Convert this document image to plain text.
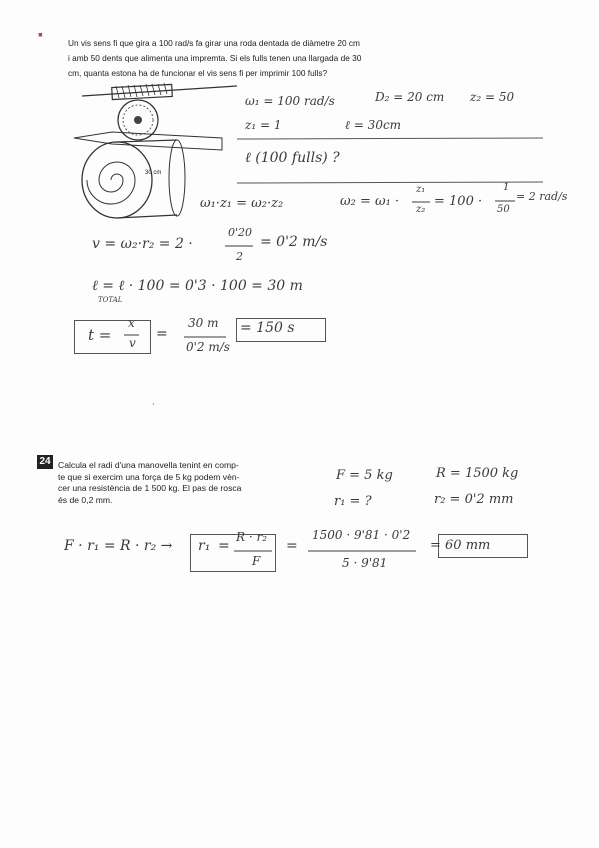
▪
Un vis sens fi que gira a 100 rad/s fa girar una roda dentada de diàmetre 20 cm
i amb 50 dents que alimenta una impremta. Si els fulls tenen una llargada de 30
cm, quanta estona ha de funcionar el vis sens fi per imprimir 100 fulls?
30 cm
ω₁ = 100 rad/s	D₂ = 20 cm z₂ = 50
z₁ = 1	ℓ = 30cm
ℓ (100 fulls) ?
ω₁·z₁ = ω₂·z₂	ω₂ = ω₁ ·
z₁
z₂
= 100 ·
1
50
= 2 rad/s
v = ω₂·r₂ = 2 ·
0'20
2
= 0'2 m/s
ℓ = ℓ · 100 = 0'3 · 100 = 30 m
TOTAL
t =
x
v
=
30 m
0'2 m/s
= 150 s
24 Calcula el radi d'una manovella tenint en comp-
te que si exercim una força de 5 kg podem vèn-
cer una resistència de 1 500 kg. El pas de rosca
és de 0,2 mm.
F = 5 kg	R = 1500 kg
r₁ = ?	r₂ = 0'2 mm
F · r₁ = R · r₂ → r₁ =
R · r₂
F
=
1500 · 9'81 · 0'2
5 · 9'81
= 60 mm
·
